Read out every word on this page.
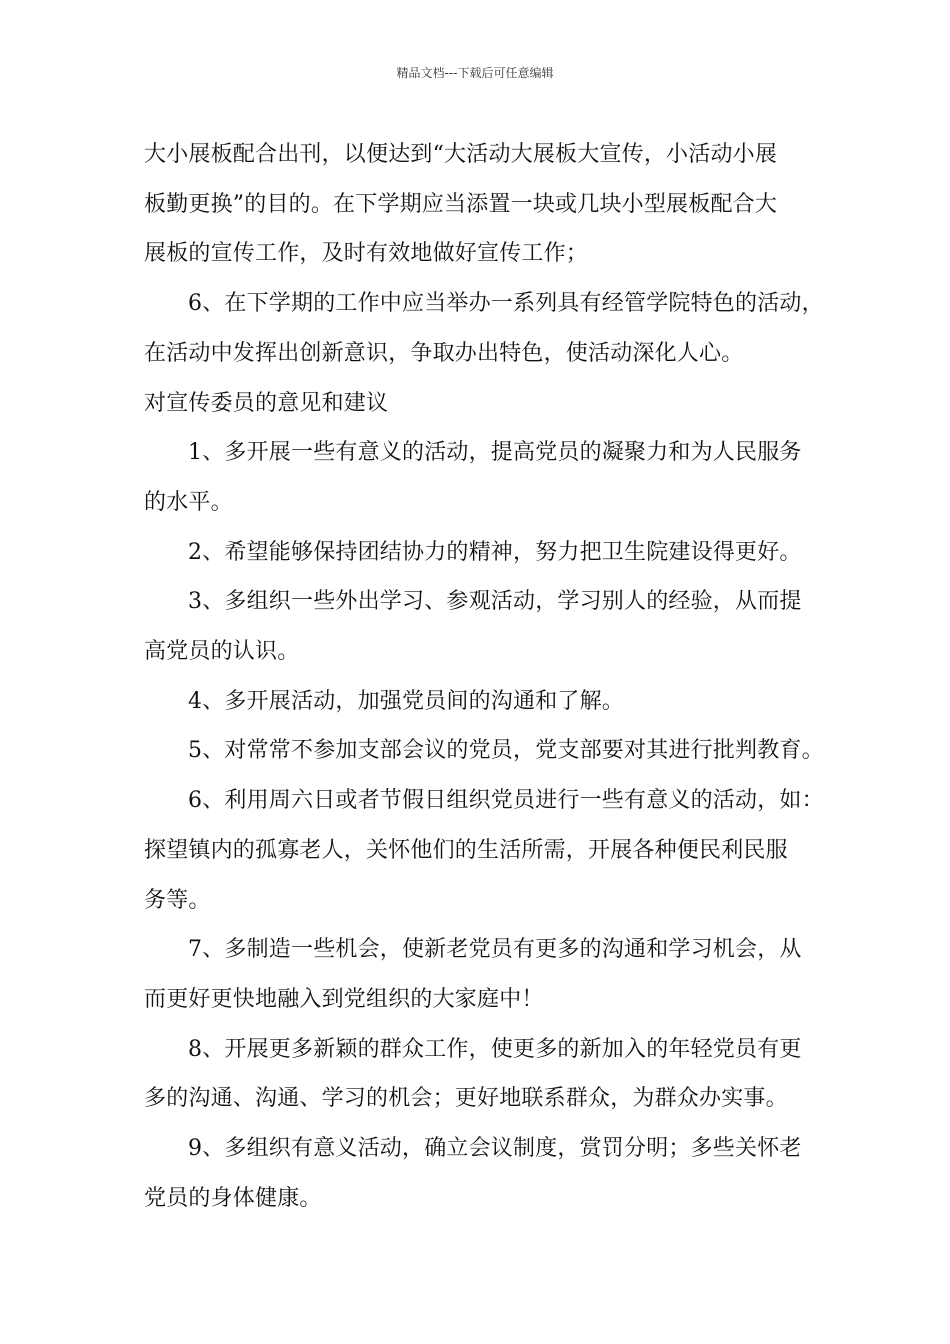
精品文档---下载后可任意编辑

大小展板配合出刊，以便达到“大活动大展板大宣传，小活动小展
板勤更换”的目的。在下学期应当添置一块或几块小型展板配合大
展板的宣传工作，及时有效地做好宣传工作；

6、在下学期的工作中应当举办一系列具有经管学院特色的活动，
在活动中发挥出创新意识，争取办出特色，使活动深化人心。

对宣传委员的意见和建议

1、多开展一些有意义的活动，提高党员的凝聚力和为人民服务
的水平。

2、希望能够保持团结协力的精神，努力把卫生院建设得更好。

3、多组织一些外出学习、参观活动，学习别人的经验，从而提
高党员的认识。

4、多开展活动，加强党员间的沟通和了解。

5、对常常不参加支部会议的党员，党支部要对其进行批判教育。

6、利用周六日或者节假日组织党员进行一些有意义的活动，如：
探望镇内的孤寡老人，关怀他们的生活所需，开展各种便民利民服
务等。

7、多制造一些机会，使新老党员有更多的沟通和学习机会，从
而更好更快地融入到党组织的大家庭中！

8、开展更多新颖的群众工作，使更多的新加入的年轻党员有更
多的沟通、沟通、学习的机会；更好地联系群众，为群众办实事。

9、多组织有意义活动，确立会议制度，赏罚分明；多些关怀老
党员的身体健康。
